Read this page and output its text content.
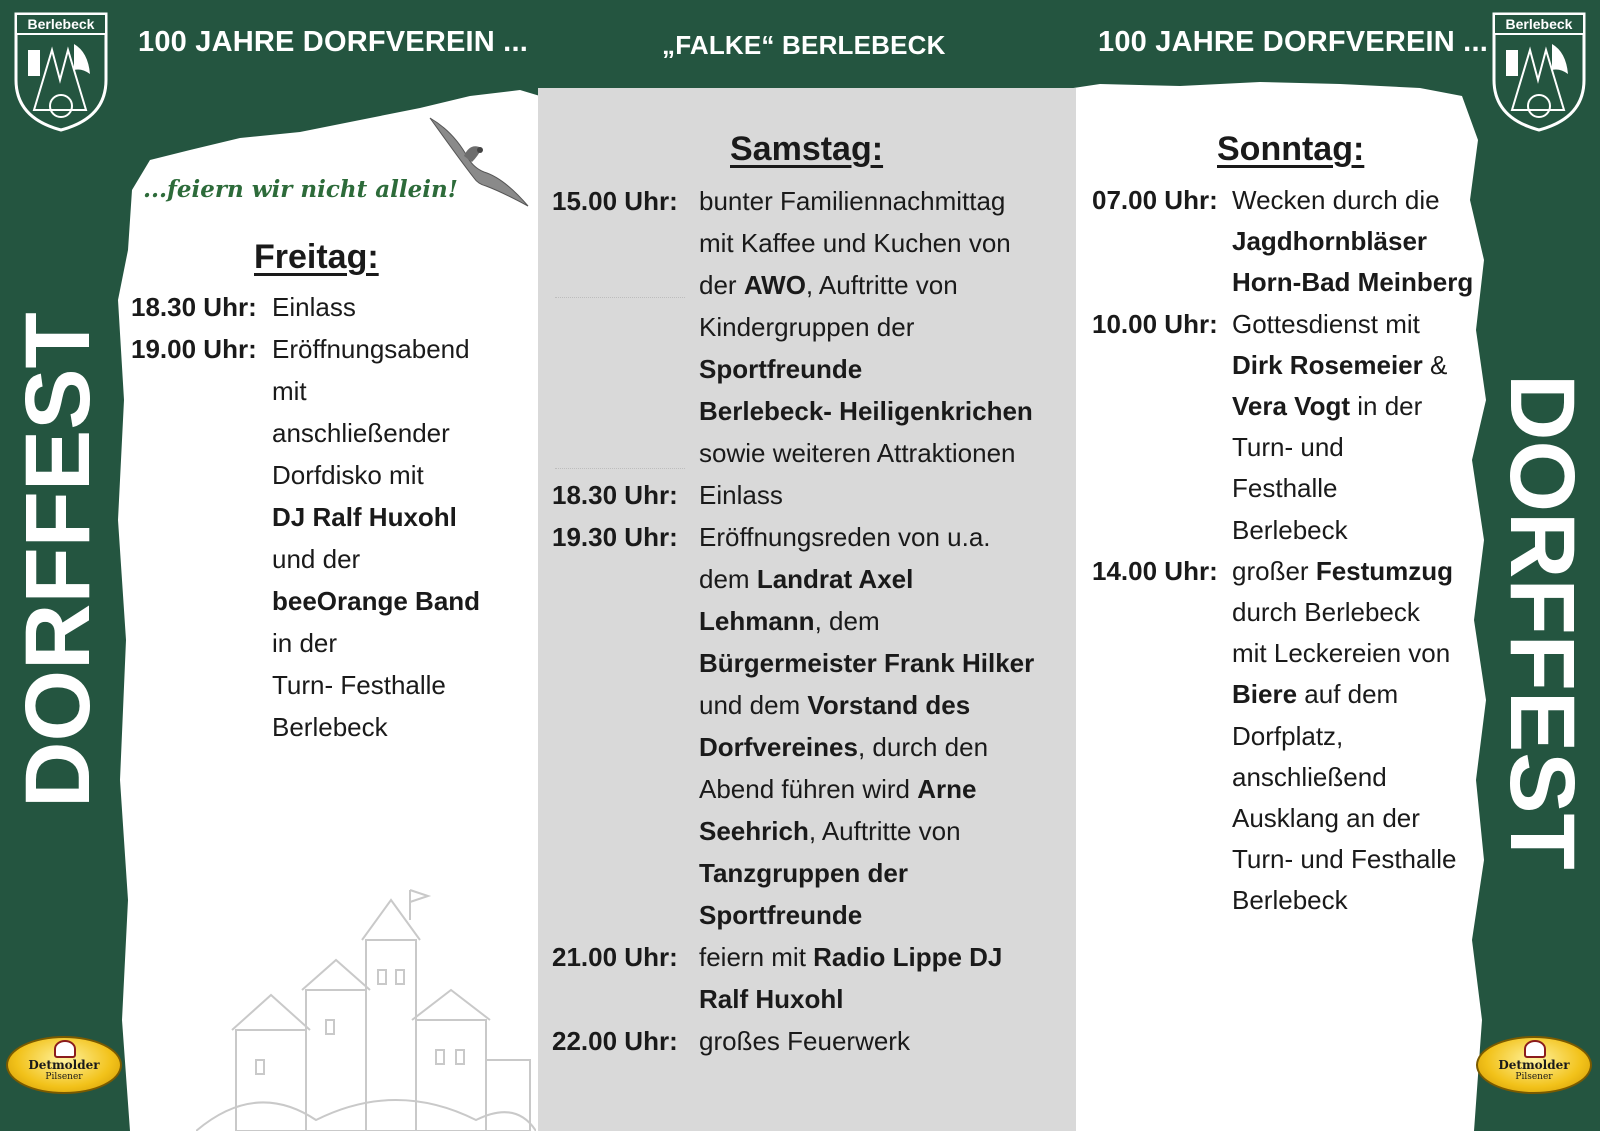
100 JAHRE DORFVEREIN ...	„FALKE“ BERLEBECK	100 JAHRE DORFVEREIN ...
Berlebeck	Berlebeck
DORFFEST	DORFFEST
Detmolder
Pilsener
Detmolder
Pilsener
...feiern wir nicht allein!
Freitag:
Samstag:	Sonntag:
18.30 Uhr: Einlass
19.00 Uhr: Eröffnungsabend
mit
anschließender
Dorfdisko mit
DJ Ralf Huxohl
und der
beeOrange Band
in der
Turn- Festhalle
Berlebeck
15.00 Uhr: bunter Familiennachmittag
mit Kaffee und Kuchen von
der AWO, Auftritte von
Kindergruppen der
Sportfreunde
Berlebeck- Heiligenkrichen
sowie weiteren Attraktionen
18.30 Uhr: Einlass
19.30 Uhr: Eröffnungsreden von u.a.
dem Landrat Axel
Lehmann, dem
Bürgermeister Frank Hilker
und dem Vorstand des
Dorfvereines, durch den
Abend führen wird Arne
Seehrich, Auftritte von
Tanzgruppen der
Sportfreunde
21.00 Uhr: feiern mit Radio Lippe DJ
Ralf Huxohl
22.00 Uhr: großes Feuerwerk
07.00 Uhr: Wecken durch die
Jagdhornbläser
Horn-Bad Meinberg
10.00 Uhr: Gottesdienst mit
Dirk Rosemeier &
Vera Vogt in der
Turn- und
Festhalle
Berlebeck
14.00 Uhr: großer Festumzug
durch Berlebeck
mit Leckereien von
Biere auf dem
Dorfplatz,
anschließend
Ausklang an der
Turn- und Festhalle
Berlebeck
